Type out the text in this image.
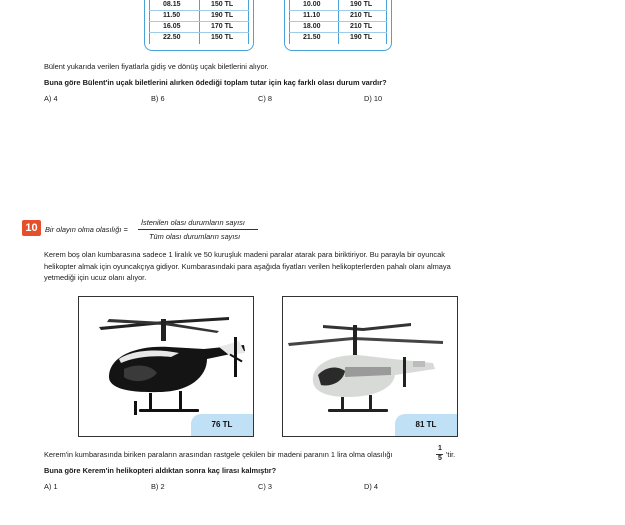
08.15	150 TL
11.50	190 TL
16.05	170 TL
22.50	150 TL
10.00	190 TL
11.10	210 TL
18.00	210 TL
21.50	190 TL
Bülent yukarıda verilen fiyatlarla gidiş ve dönüş uçak biletlerini alıyor.
Buna göre Bülent'in uçak biletlerini alırken ödediği toplam tutar için kaç farklı olası durum vardır?
A) 4	B) 6	C) 8	D) 10
10 Bir olayın olma olasılığı =
İstenilen olası durumların sayısı
Tüm olası durumların sayısı
Kerem boş olan kumbarasına sadece 1 liralık ve 50 kuruşluk madeni paralar atarak para biriktiriyor. Bu parayla bir oyuncak
helikopter almak için oyuncakçıya gidiyor. Kumbarasındaki para aşağıda fiyatları verilen helikopterlerden pahalı olanı almaya
yetmediği için ucuz olanı alıyor.
76 TL	81 TL
Kerem'in kumbarasında biriken paraların arasından rastgele çekilen bir madeni paranın 1 lira olma olasılığı
1
5 'tir.
Buna göre Kerem'in helikopteri aldıktan sonra kaç lirası kalmıştır?
A) 1	B) 2	C) 3	D) 4
